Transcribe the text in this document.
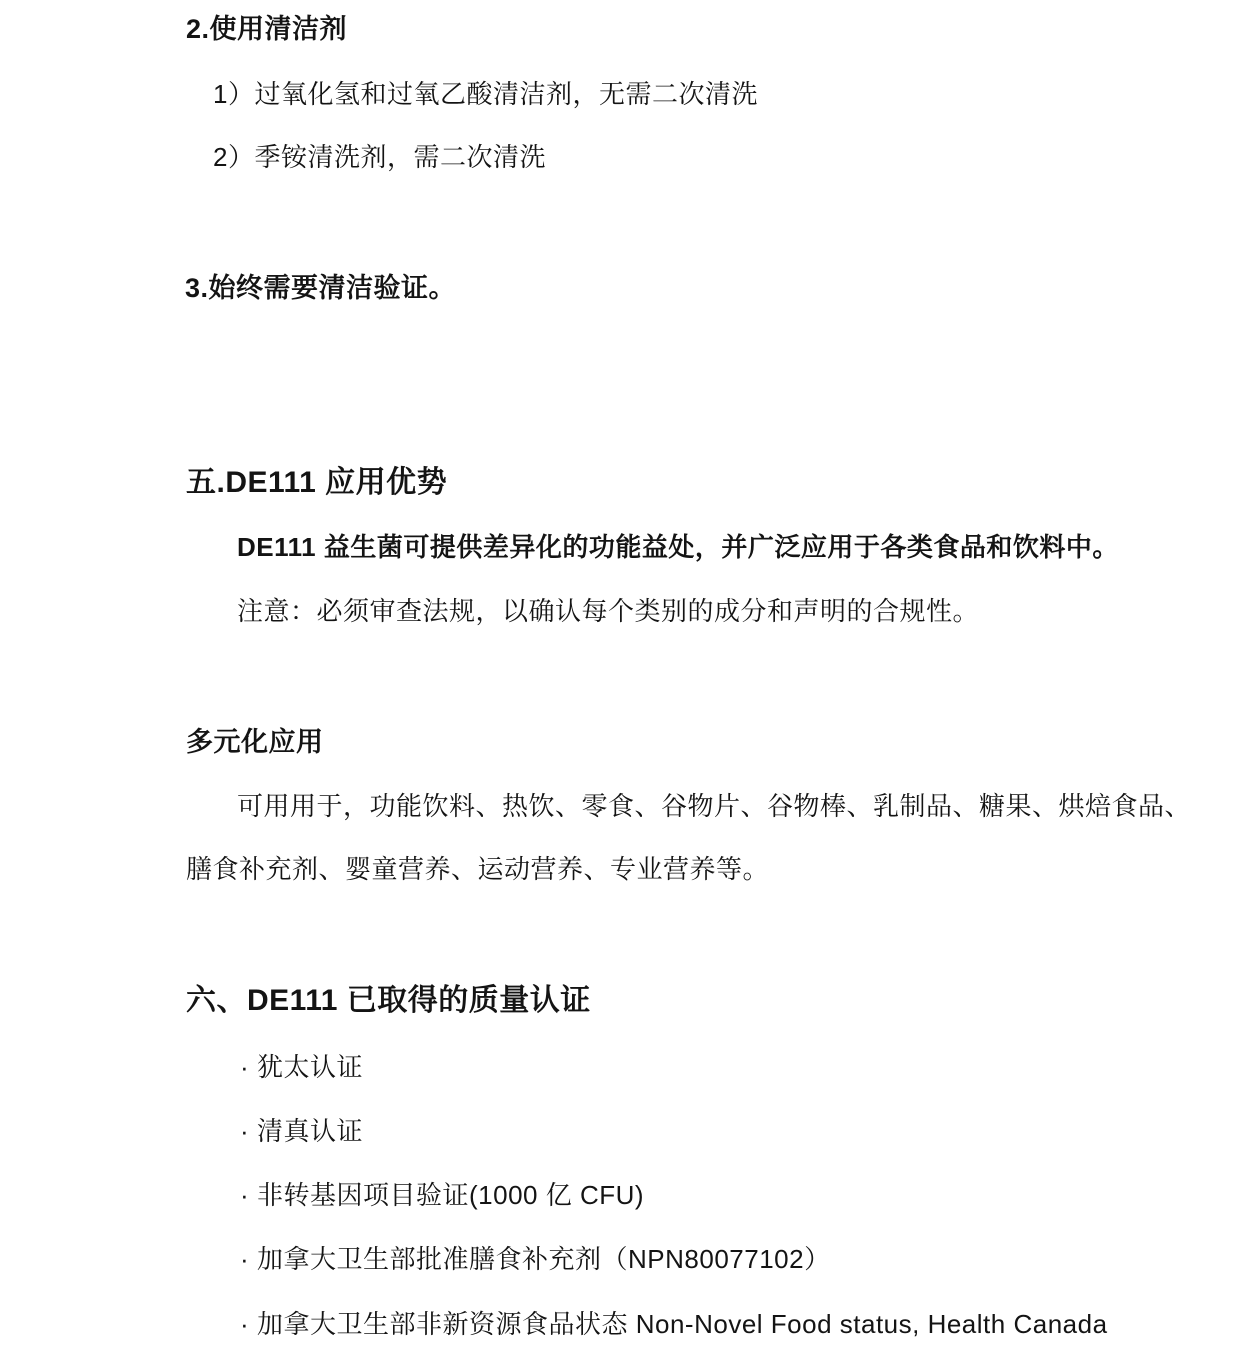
2.使用清洁剂
1）过氧化氢和过氧乙酸清洁剂，无需二次清洗
2）季铵清洗剂，需二次清洗
3.始终需要清洁验证。
五.DE111 应用优势
DE111 益生菌可提供差异化的功能益处，并广泛应用于各类食品和饮料中。
注意：必须审查法规，以确认每个类别的成分和声明的合规性。
多元化应用
可用用于，功能饮料、热饮、零食、谷物片、谷物棒、乳制品、糖果、烘焙食品、
膳食补充剂、婴童营养、运动营养、专业营养等。
六、DE111 已取得的质量认证
· 犹太认证
· 清真认证
· 非转基因项目验证(1000 亿 CFU)
· 加拿大卫生部批准膳食补充剂（NPN80077102）
· 加拿大卫生部非新资源食品状态 Non-Novel Food status, Health Canada
